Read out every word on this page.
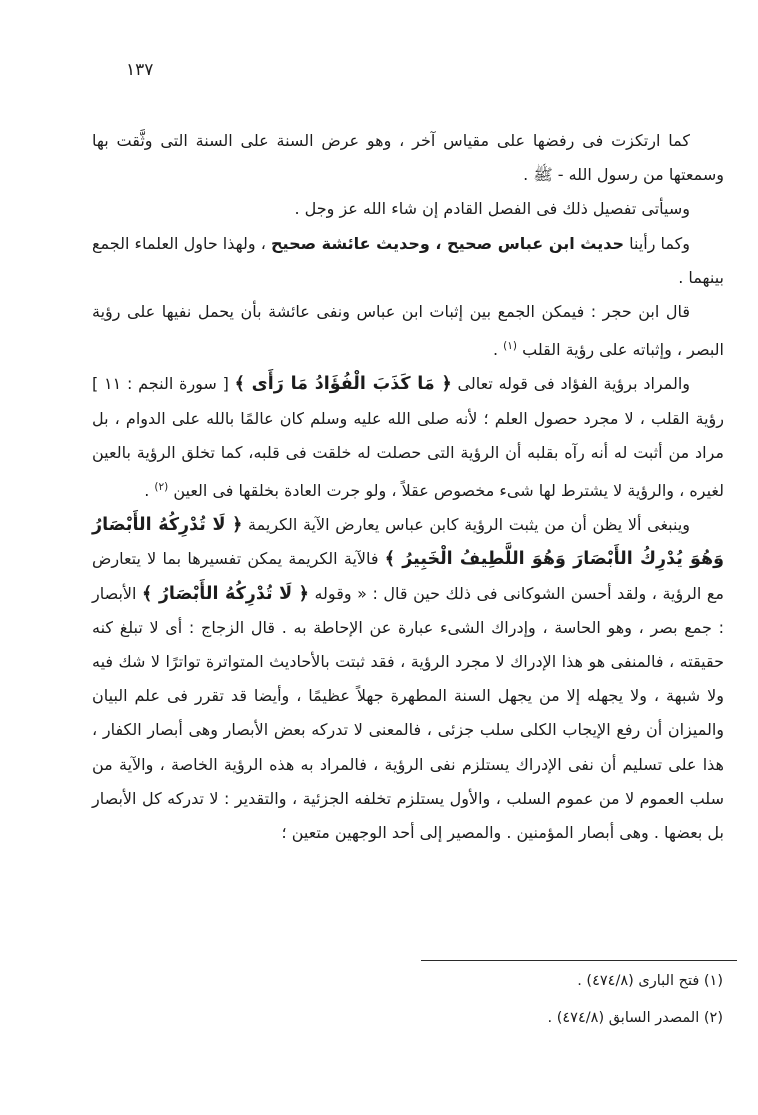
١٣٧

كما ارتكزت فى رفضها على مقياس آخر ، وهو عرض السنة على السنة التى وثَّقت بها وسمعتها من رسول الله - ﷺ .

وسيأتى تفصيل ذلك فى الفصل القادم إن شاء الله عز وجل .

وكما رأينا حديث ابن عباس صحيح ، وحديث عائشة صحيح ، ولهذا حاول العلماء الجمع بينهما .

قال ابن حجر : فيمكن الجمع بين إثبات ابن عباس ونفى عائشة بأن يحمل نفيها على رؤية البصر ، وإثباته على رؤية القلب $^{(١)}$ .

والمراد برؤية الفؤاد فى قوله تعالى ﴿ مَا كَذَبَ الْفُؤَادُ مَا رَأَى ﴾ [ سورة النجم : ١١ ] رؤية القلب ، لا مجرد حصول العلم ؛ لأنه صلى الله عليه وسلم كان عالمًا بالله على الدوام ، بل مراد من أثبت له أنه رآه بقلبه أن الرؤية التى حصلت له خلقت فى قلبه، كما تخلق الرؤية بالعين لغيره ، والرؤية لا يشترط لها شىء مخصوص عقلاً ، ولو جرت العادة بخلقها فى العين $^{(٢)}$ .

وينبغى ألا يظن أن من يثبت الرؤية كابن عباس يعارض الآية الكريمة ﴿ لَا تُدْرِكُهُ الأَبْصَارُ وَهُوَ يُدْرِكُ الأَبْصَارَ وَهُوَ اللَّطِيفُ الْخَبِيرُ ﴾ فالآية الكريمة يمكن تفسيرها بما لا يتعارض مع الرؤية ، ولقد أحسن الشوكانى فى ذلك حين قال : « وقوله ﴿ لَا تُدْرِكُهُ الأَبْصَارُ ﴾ الأبصار : جمع بصر ، وهو الحاسة ، وإدراك الشىء عبارة عن الإحاطة به . قال الزجاج : أى لا تبلغ كنه حقيقته ، فالمنفى هو هذا الإدراك لا مجرد الرؤية ، فقد ثبتت بالأحاديث المتواترة تواترًا لا شك فيه ولا شبهة ، ولا يجهله إلا من يجهل السنة المطهرة جهلاً عظيمًا ، وأيضا قد تقرر فى علم البيان والميزان أن رفع الإيجاب الكلى سلب جزئى ، فالمعنى لا تدركه بعض الأبصار وهى أبصار الكفار ، هذا على تسليم أن نفى الإدراك يستلزم نفى الرؤية ، فالمراد به هذه الرؤية الخاصة ، والآية من سلب العموم لا من عموم السلب ، والأول يستلزم تخلفه الجزئية ، والتقدير : لا تدركه كل الأبصار بل بعضها . وهى أبصار المؤمنين . والمصير إلى أحد الوجهين متعين ؛

(١) فتح البارى (٤٧٤/٨) .

(٢) المصدر السابق (٤٧٤/٨) .
